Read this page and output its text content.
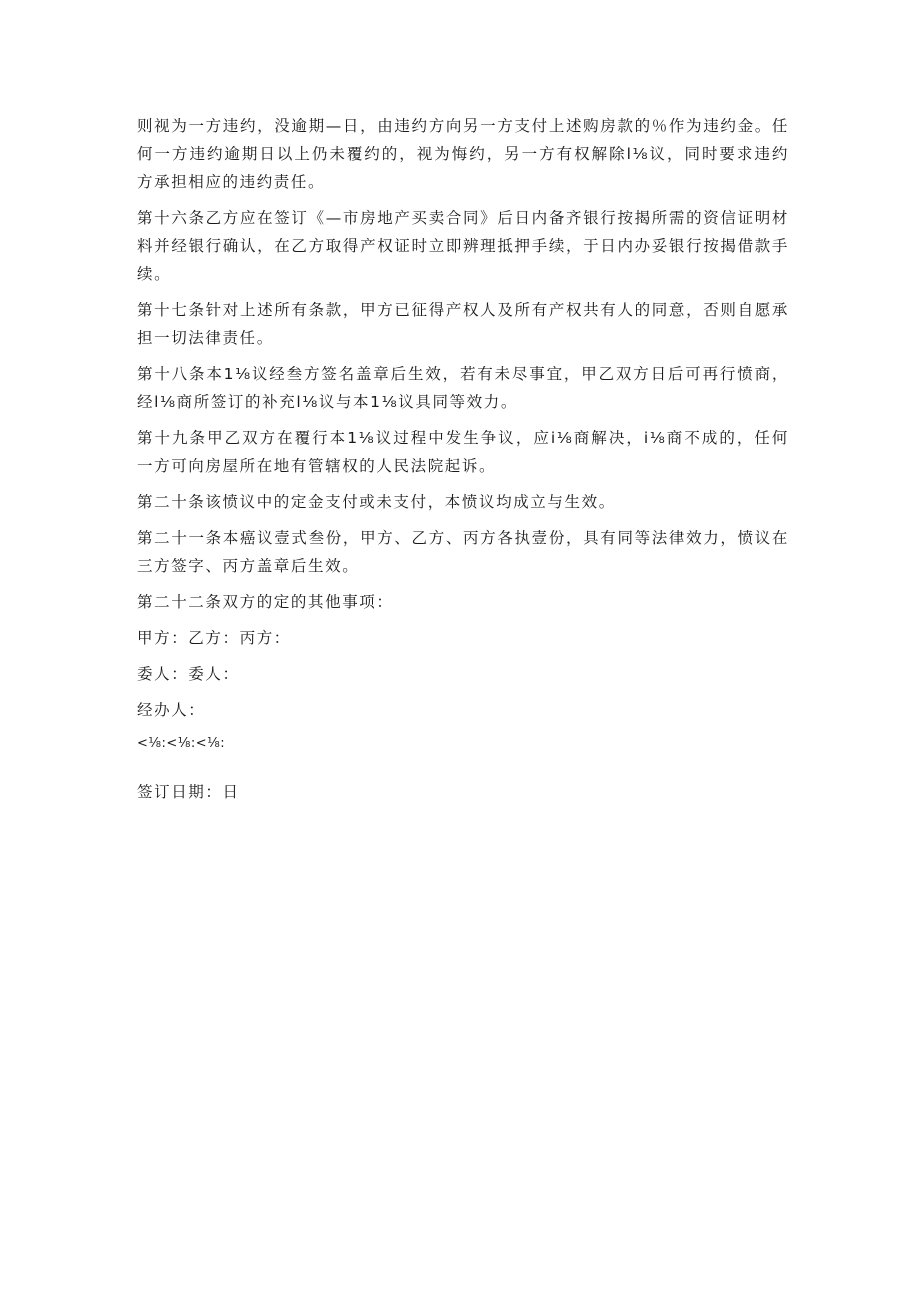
则视为一方违约，没逾期—日，由违约方向另一方支付上述购房款的％作为违约金。任何一方违约逾期日以上仍未覆约的，视为悔约，另一方有权解除l⅛议，同时要求违约方承担相应的违约责任。

第十六条乙方应在签订《—市房地产买卖合同》后日内备齐银行按揭所需的资信证明材料并经银行确认，在乙方取得产权证时立即辨理抵押手续，于日内办妥银行按揭借款手续。

第十七条针对上述所有条款，甲方已征得产权人及所有产权共有人的同意，否则自愿承担一切法律责任。

第十八条本1⅛议经叁方签名盖章后生效，若有未尽事宜，甲乙双方日后可再行愤商，经l⅛商所签订的补充l⅛议与本1⅛议具同等效力。

第十九条甲乙双方在覆行本1⅛议过程中发生争议，应i⅛商解决，i⅛商不成的，任何一方可向房屋所在地有管辖权的人民法院起诉。

第二十条该愤议中的定金支付或未支付，本愤议均成立与生效。

第二十一条本癌议壹式叁份，甲方、乙方、丙方各执壹份，具有同等法律效力，愤议在三方签字、丙方盖章后生效。

第二十二条双方的定的其他事项：

甲方：乙方：丙方：

委人：委人：

经办人：

<⅛:<⅛:<⅛:

签订日期：日
